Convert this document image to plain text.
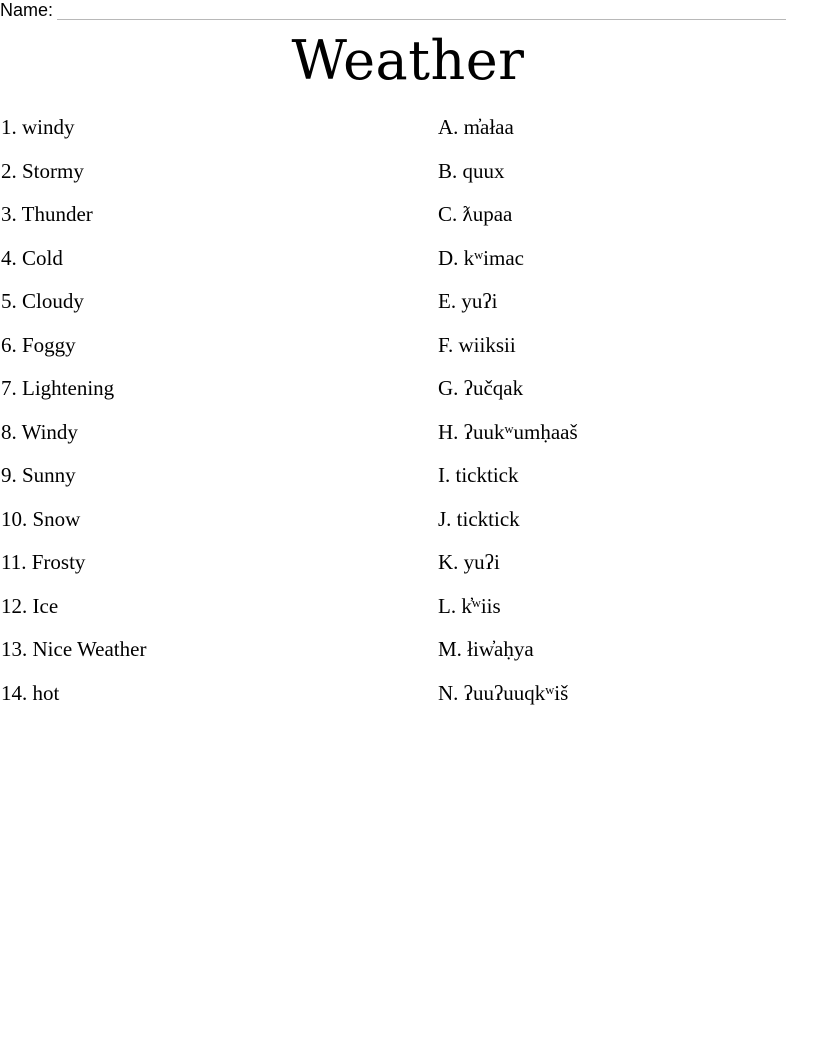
Name:
Weather
1. windy
2. Stormy
3. Thunder
4. Cold
5. Cloudy
6. Foggy
7. Lightening
8. Windy
9. Sunny
10. Snow
11. Frosty
12. Ice
13. Nice Weather
14. hot
A. m̓ałaa
B. quux
C. ƛupaa
D. kʷimac
E. yuʔi
F. wiiksii
G. ʔučqak
H. ʔuukʷumḥaaš
I. ticktick
J. ticktick
K. yuʔi
L. k̓ʷiis
M. łiw̓aḥya
N. ʔuuʔuuqkʷiš
